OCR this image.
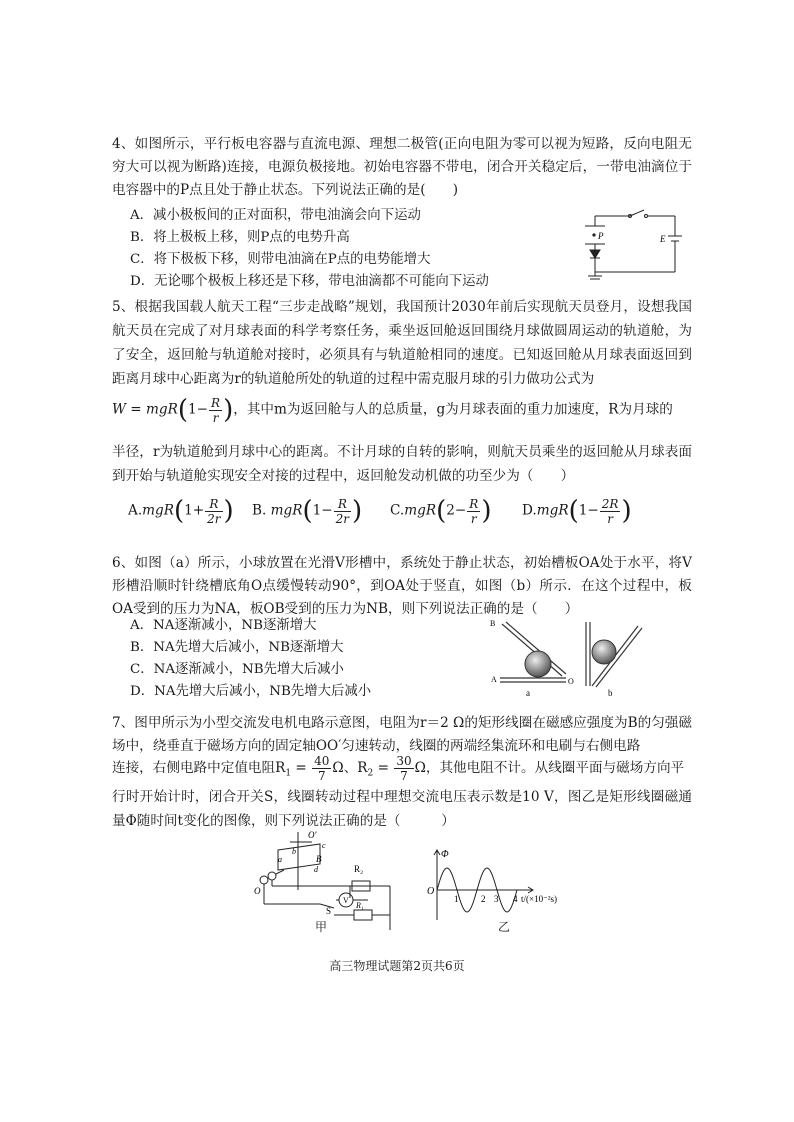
4、如图所示，平行板电容器与直流电源、理想二极管(正向电阻为零可以视为短路，反向电阻无穷大可以视为断路)连接，电源负极接地。初始电容器不带电，闭合开关稳定后，一带电油滴位于电容器中的P点且处于静止状态。下列说法正确的是(　　)
A．减小极板间的正对面积，带电油滴会向下运动
B．将上极板上移，则P点的电势升高
C．将下极板下移，则带电油滴在P点的电势能增大
D．无论哪个极板上移还是下移，带电油滴都不可能向下运动
P	E
5、根据我国载人航天工程“三步走战略”规划，我国预计2030年前后实现航天员登月，设想我国航天员在完成了对月球表面的科学考察任务，乘坐返回舱返回围绕月球做圆周运动的轨道舱，为了安全，返回舱与轨道舱对接时，必须具有与轨道舱相同的速度。已知返回舱从月球表面返回到距离月球中心距离为r的轨道舱所处的轨道的过程中需克服月球的引力做功公式为
$W = mgR(1- \frac{R}{r}$ )，其中m为返回舱与人的总质量，g为月球表面的重力加速度，R为月球的
半径，r为轨道舱到月球中心的距离。不计月球的自转的影响，则航天员乘坐的返回舱从月球表面到开始与轨道舱实现安全对接的过程中，返回舱发动机做的功至少为（　　）
$A.mgR(1+ \frac{R}{2r}$ ) B. $mgR(1- \frac{R}{2r}$ ) $C.mgR(2- \frac{R}{r}$ ) $D.mgR(1- \frac{2R}{r}$ )
6、如图（a）所示，小球放置在光滑V形槽中，系统处于静止状态，初始槽板OA处于水平，将V形槽沿顺时针绕槽底角O点缓慢转动90°，到OA处于竖直，如图（b）所示．在这个过程中，板OA受到的压力为NA，板OB受到的压力为NB，则下列说法正确的是（　　）
A．NA逐渐减小，NB逐渐增大
B．NA先增大后减小，NB逐渐增大
C．NA逐渐减小，NB先增大后减小
D．NA先增大后减小，NB先增大后减小
B
A	O
a	b
7、图甲所示为小型交流发电机电路示意图，电阻为r＝2 Ω的矩形线圈在磁感应强度为B的匀强磁场中，绕垂直于磁场方向的固定轴OO′匀速转动，线圈的两端经集流环和电刷与右侧电路
连接，右侧电路中定值电阻$R_1 = \frac{40}{7}$ Ω、$R_2 = \frac{30}{7}$ Ω，其他电阻不计。从线圈平面与磁场方向平
行时开始计时，闭合开关S，线圈转动过程中理想交流电压表示数是10 V，图乙是矩形线圈磁通量Φ随时间t变化的图像，则下列说法正确的是（　　　）
O′
a
b
c
d
B
O
R₂
V
R₁
S
甲
Φ
O
1	2 3 4 t/(×10⁻²s)
乙
高三物理试题第2页共6页
